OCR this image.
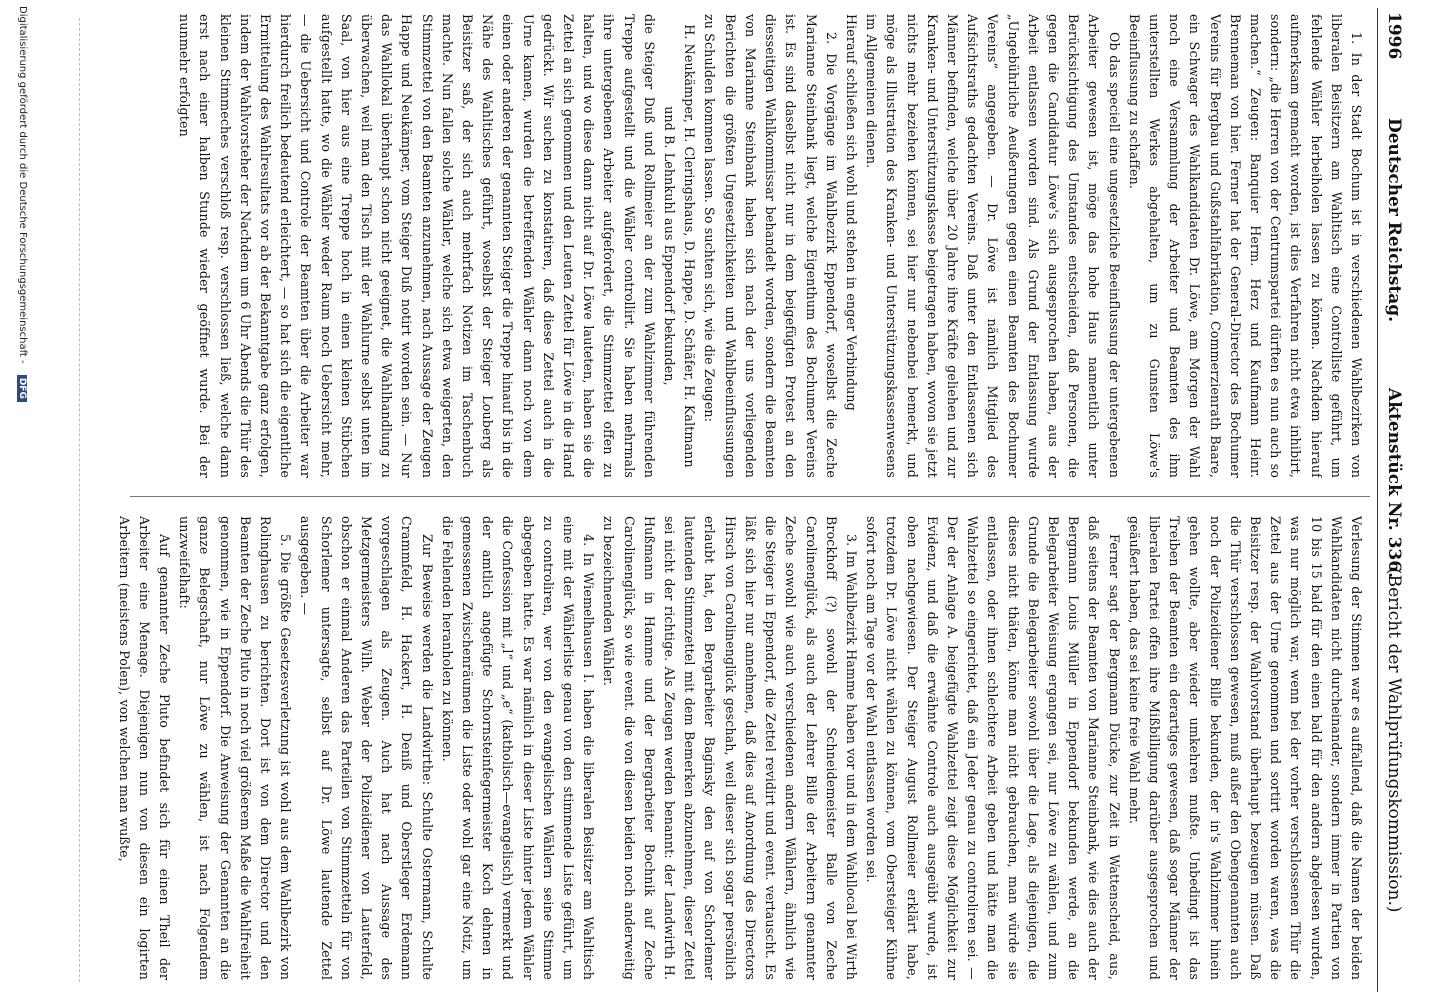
1996
Deutscher Reichstag.
Aktenstück Nr. 336.
(Bericht der Wahlprüfungskommission.)

1. In der Stadt Bochum ist in verschiedenen Wahlbezirken von liberalen Beisitzern am Wahltisch eine Controlliste geführt, um fehlende Wähler herbeiholen lassen zu können. Nachdem hierauf aufmerksam gemacht worden, ist dies Verfahren nicht etwa inhibirt, sondern: „die Herren von der Centrumspartei dürften es nun auch so machen.“ Zeugen: Banquier Herm. Herz und Kaufmann Heinr. Brenneman von hier. Ferner hat der General-Director des Bochumer Vereins für Bergbau und Gußstahlfabrikation, Commerzienrath Baare, ein Schwager des Wahlkandidaten Dr. Löwe, am Morgen der Wahl noch eine Versammlung der Arbeiter und Beamten des ihm unterstellten Werkes abgehalten, um zu Gunsten Löwe's Beeinflussung zu schaffen.

Ob das speciell eine ungesetzliche Beeinflussung der untergebenen Arbeiter gewesen ist, möge das hohe Haus namentlich unter Berücksichtigung des Umstandes entscheiden, daß Personen, die gegen die Candidatur Löwe's sich ausgesprochen haben, aus der Arbeit entlassen worden sind. Als Grund der Entlassung wurde „Ungebührliche Aeußerungen gegen einen Beamten des Bochumer Vereins“ angegeben. — Dr. Löwe ist nämlich Mitglied des Aufsichtsraths gedachten Vereins. Daß unter den Entlassenen sich Männer befinden, welche über 20 Jahre ihre Kräfte geliehen und zur Kranken- und Unterstützungskasse beigetragen haben, wovon sie jetzt nichts mehr beziehen können, sei hier nur nebenbei bemerkt, und möge als Illustration des Kranken- und Unterstützungskassenwesens im Allgemeinen dienen.

Hierauf schließen sich wohl und stehen in enger Verbindung

2. Die Vorgänge im Wahlbezirk Eppendorf, woselbst die Zeche Marianne Steinbank liegt, welche Eigenthum des Bochumer Vereins ist. Es sind daselbst nicht nur in dem beigefügten Protest an den diesseitigen Wahlkommissar behandelt worden, sondern die Beamten von Marianne Steinbank haben sich nach der uns vorliegenden Berichten die größten Ungesetzlichkeiten und Wahlbeeinflussungen zu Schulden kommen lassen. So suchten sich, wie die Zeugen:

H. Neukämper, H. Cleringshaus, D. Happe, D. Schäfer, H. Kaltmann und B. Lehnkuhl aus Eppendorf bekunden,

die Steiger Duß und Rollmeier an der zum Wahlzimmer führenden Treppe aufgestellt und die Wähler controllirt. Sie haben mehrmals ihre untergebenen Arbeiter aufgefordert, die Stimmzettel offen zu halten, und wo diese dann nicht auf Dr. Löwe lauteten, haben sie die Zettel an sich genommen und den Leuten Zettel für Löwe in die Hand gedrückt. Wir suchen zu konstatiren, daß diese Zettel auch in die Urne kamen, wurden die betreffenden Wähler dann noch von dem einen oder anderen der genannten Steiger die Treppe hinauf bis in die Nähe des Wahltisches geführt, woselbst der Steiger Louberg als Beisitzer saß, der sich auch mehrfach Notizen im Taschenbuch machte. Nun fallen solche Wähler, welche sich etwa weigerten, den Stimmzettel von den Beamten anzunehmen, nach Aussage der Zeugen Happe und Neukämper, vom Steiger Duß notirt worden sein. — Nur das Wahllokal überhaupt schon nicht geeignet, die Wahlhandlung zu überwachen, weil man den Tisch mit der Wahlurne selbst unten im Saal, von hier aus eine Treppe hoch in einen kleinen Stübchen aufgestellt hatte, wo die Wähler weder Raum noch Uebersicht mehr, — die Uebersicht und Controle der Beamten über die Arbeiter war hierdurch freilich bedeutend erleichtert, — so hat sich die eigentliche Ermittelung des Wahlresultats vor ab der Bekanntgabe ganz erfolgen, indem der Wahlvorsteher der Nachdem um 6 Uhr Abends die Thür des kleinen Stimmeches verschloß resp. verschlossen ließ, welche dann erst nach einer halben Stunde wieder geöffnet wurde. Bei der nunmehr erfolgten

Verlesung der Stimmen war es auffallend, daß die Namen der beiden Wahlkandidaten nicht durcheinander, sondern immer in Partien von 10 bis 15 bald für den einen bald für den andern abgelesen wurden, was nur möglich war, wenn bei der vorher verschlossenen Thür die Zettel aus der Urne genommen und sortirt worden waren, was die Beisitzer resp. der Wahlvorstand überhaupt bezeugen müssen. Daß die Thür verschlossen gewesen, muß außer den Obengenannten auch noch der Polizeidiener Bille bekunden, der in's Wahlzimmer hinein gehen wollte, aber wieder umkehren mußte. Unbedingt ist das Treiben der Beamten ein derartiges gewesen, daß sogar Männer der liberalen Partei offen ihre Mißbilligung darüber ausgesprochen und geäußert haben, das sei keine freie Wahl mehr.

Ferner sagt der Bergmann Dücke, zur Zeit in Wattenscheid, aus, daß seitens der Beamten von Marianne Steinbank, wie dies auch der Bergmann Louis Müller in Eppendorf bekunden werde, an die Belegarbeiter Weisung ergangen sei, nur Löwe zu wählen, und zum Grunde die Belegarbeiter sowohl über die Lage, als diejenigen, die dieses nicht thäten, könne man nicht gebrauchen, man würde sie entlassen, oder ihnen schlechtere Arbeit geben und hätte man die Wahlzettel so eingerichtet, daß ein Jeder genau zu controliren sei. — Der der Anlage A. beigefügte Wahlzettel zeigt diese Möglichkeit zur Evidenz, und daß die erwähnte Controle auch ausgeübt wurde, ist oben nachgewiesen. Der Steiger August Rollmeier erklärt habe, trotzdem Dr. Löwe nicht wählen zu können, vom Obersteiger Kühne sofort noch am Tage vor der Wahl entlassen worden sei.

3. Im Wahlbezirk Hamme haben vor und in dem Wahllocal bei Wirth Brockhoff (?) sowohl der Schneidemeister Balle von Zeche Carolinenglück, als auch der Lehrer Bille der Arbeitern genannter Zeche sowohl wie auch verschiedenen andern Wählern, ähnlich wie die Steiger in Eppendorf, die Zettel revidirt und event. vertauscht. Es läßt sich hier nur annehmen, daß dies auf Anordnung des Directors Hirsch von Carolinenglück geschah, weil dieser sich sogar persönlich erlaubt hat, den Bergarbeiter Baginsky den auf von Schorlemer lautenden Stimmzettel mit dem Bemerken abzunehmen, dieser Zettel sei nicht der richtige. Als Zeugen werden benannt: der Landwirth H. Hußmann in Hamme und der Bergarbeiter Bochnik auf Zeche Carolinenglück, so wie event. die von diesen beiden noch anderweitig zu bezeichnenden Wähler.

4. In Wiemelhausen I. haben die liberalen Beisitzer am Wahltisch eine mit der Wählerliste genau von den stimmende Liste geführt, um zu controliren, wer von den evangelischen Wählern seine Stimme abgegeben hatte. Es war nämlich in dieser Liste hinter jedem Wähler die Confession mit „l“ und „e“ (katholisch—evangelisch) vermerkt und der amtlich angefügte Schornsteinfegermeister Koch dehnen in gemessenen Zwischenräumen die Liste oder wohl gar eine Notiz, um die Fehlenden heranholen zu können.

Zur Beweise werden die Landwirthe: Schulte Ostermann, Schulte Crammfeld, H. Hackert, H. Deniß und Oberstleger Erdemann vorgeschlagen als Zeugen. Auch hat nach Aussage des Metzgermeisters Wilh. Weber der Polizeidiener von Lauterfeld, obschon er einmal Anderen das Parteilen von Stimmzetteln für von Schorlemer untersagte, selbst auf Dr. Löwe lautende Zettel ausgegeben. —

5. Die größte Gesetzesverletzung ist wohl aus dem Wahlbezirk von Rolinghausen zu berichten. Dort ist von dem Director und den Beamten der Zeche Pluto in noch viel größerem Maße die Wahlfreiheit genommen, wie in Eppendorf. Die Anweisung der Genannten an die ganze Belegschaft, nur Löwe zu wählen, ist nach Folgendem unzweifelhaft:

Auf genannter Zeche Pluto befindet sich für einen Theil der Arbeiter eine Menage. Diejenigen nun von diesen ein logirten Arbeitern (meistens Polen), von welchen man wußte,

Digitalisierung gefördert durch die Deutsche Forschungsgemeinschaft - DFG
